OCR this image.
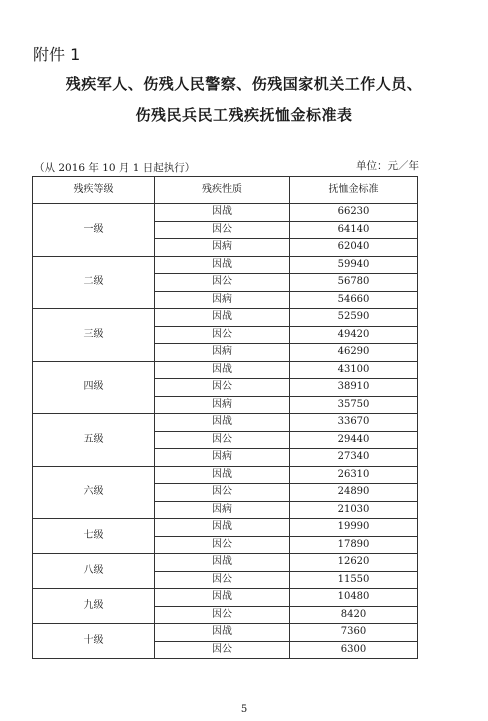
附件 1
残疾军人、伤残人民警察、伤残国家机关工作人员、
伤残民兵民工残疾抚恤金标准表
（从 2016 年 10 月 1 日起执行）	单位：元／年
残疾等级	残疾性质	抚恤金标准
一级	因战	66230
	因公	64140
	因病	62040
二级	因战	59940
	因公	56780
	因病	54660
三级	因战	52590
	因公	49420
	因病	46290
四级	因战	43100
	因公	38910
	因病	35750
五级	因战	33670
	因公	29440
	因病	27340
六级	因战	26310
	因公	24890
	因病	21030
七级	因战	19990
	因公	17890
八级	因战	12620
	因公	11550
九级	因战	10480
	因公	8420
十级	因战	7360
	因公	6300
5
